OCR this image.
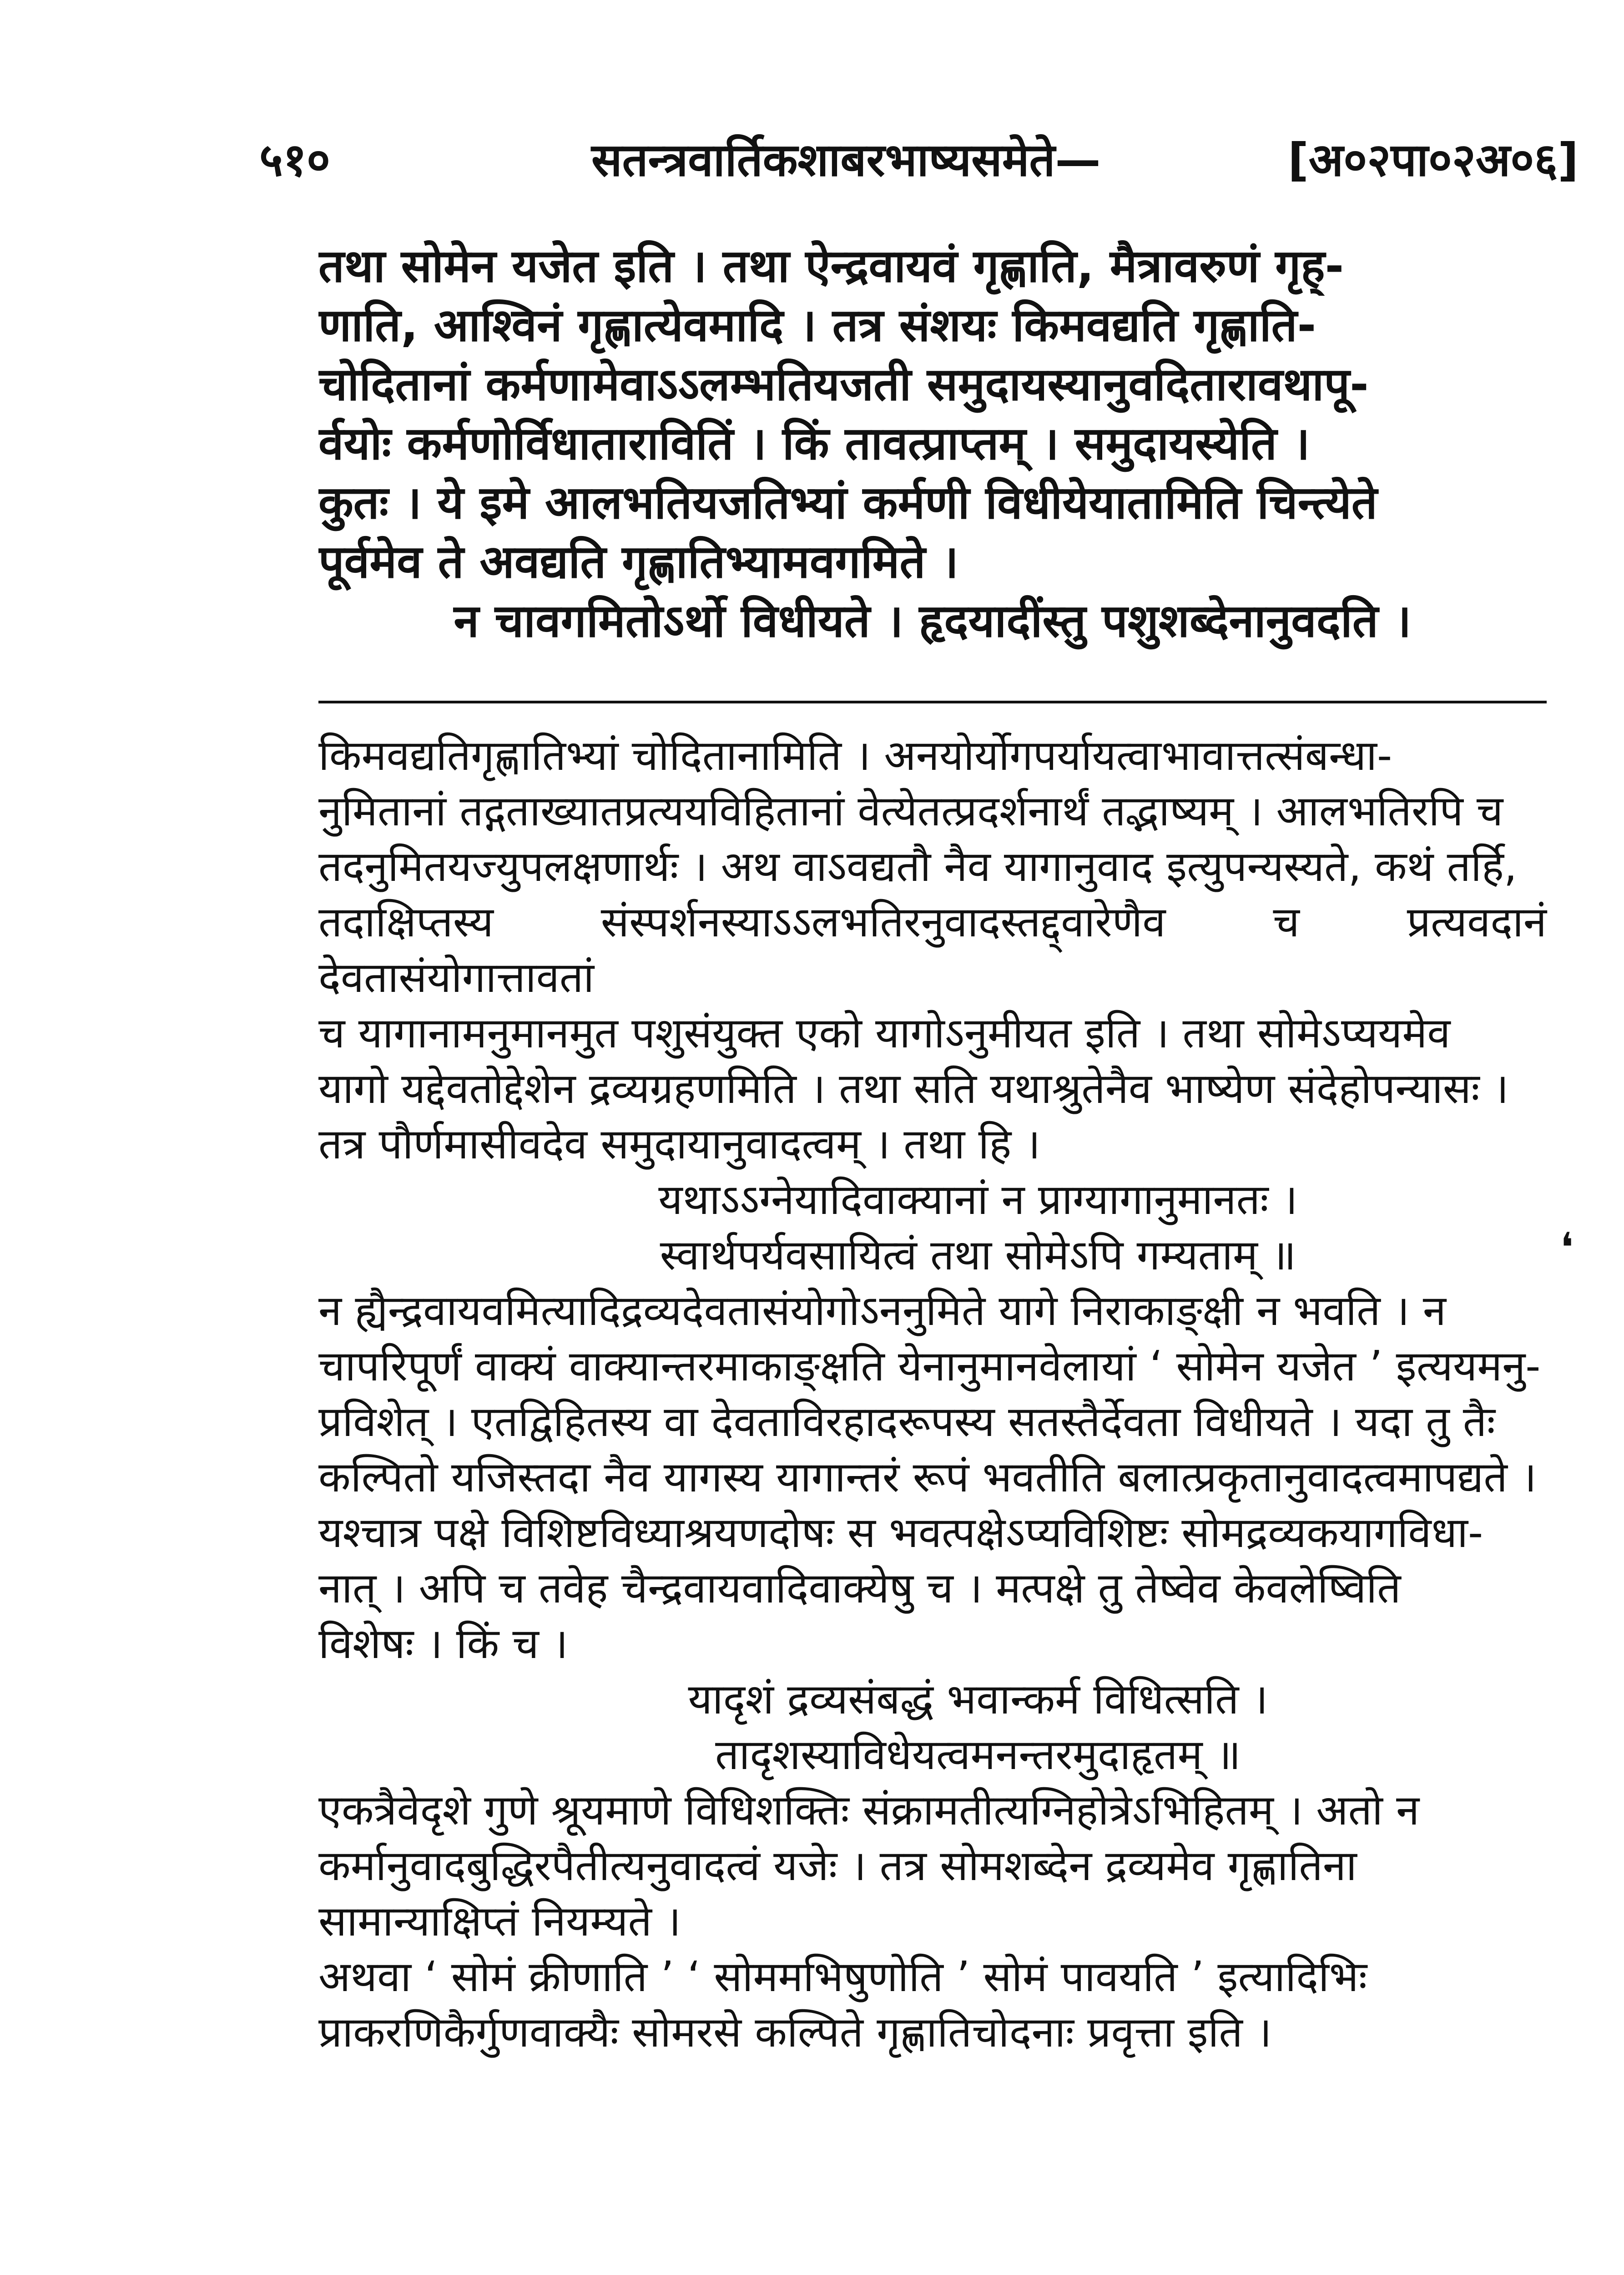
५१०	सतन्त्रवार्तिकशाबरभाष्यसमेते—	[अ०२पा०२अ०६]

तथा सोमेन यजेत इति । तथा ऐन्द्रवायवं गृह्णाति, मैत्रावरुणं गृह्-
णाति, आश्विनं गृह्णात्येवमादि । तत्र संशयः किमवद्यति गृह्णाति-
चोदितानां कर्मणामेवाऽऽलम्भतियजती समुदायस्यानुवदितारावथापू-
र्वयोः कर्मणोर्विधातारावितिं । किं तावत्प्राप्तम् । समुदायस्येति ।
कुतः । ये इमे आलभतियजतिभ्यां कर्मणी विधीयेयातामिति चिन्त्येते
पूर्वमेव ते अवद्यति गृह्णातिभ्यामवगमिते ।
न चावगमितोऽर्थो विधीयते । हृदयादींस्तु पशुशब्देनानुवदति ।

किमवद्यतिगृह्णातिभ्यां चोदितानामिति । अनयोर्योगपर्यायत्वाभावात्तत्संबन्धा-
नुमितानां तद्गताख्यातप्रत्ययविहितानां वेत्येतत्प्रदर्शनार्थं तद्भाष्यम् । आलभतिरपि च
तदनुमितयज्युपलक्षणार्थः । अथ वाऽवद्यतौ नैव यागानुवाद इत्युपन्यस्यते, कथं तर्हि,
तदाक्षिप्तस्य संस्पर्शनस्याऽऽलभतिरनुवादस्तद्द्वारेणैव च प्रत्यवदानं देवतासंयोगात्तावतां
च यागानामनुमानमुत पशुसंयुक्त एको यागोऽनुमीयत इति । तथा सोमेऽप्ययमेव
यागो यद्देवतोद्देशेन द्रव्यग्रहणमिति । तथा सति यथाश्रुतेनैव भाष्येण संदेहोपन्यासः ।
तत्र पौर्णमासीवदेव समुदायानुवादत्वम् । तथा हि ।

यथाऽऽग्नेयादिवाक्यानां न प्राग्यागानुमानतः ।
स्वार्थपर्यवसायित्वं तथा सोमेऽपि गम्यताम् ॥

न ह्यैन्द्रवायवमित्यादिद्रव्यदेवतासंयोगोऽननुमिते यागे निराकाङ्क्षी न भवति । न
चापरिपूर्णं वाक्यं वाक्यान्तरमाकाङ्क्षति येनानुमानवेलायां ‘ सोमेन यजेत ’ इत्ययमनु-
प्रविशेत् । एतद्विहितस्य वा देवताविरहादरूपस्य सतस्तैर्देवता विधीयते । यदा तु तैः
कल्पितो यजिस्तदा नैव यागस्य यागान्तरं रूपं भवतीति बलात्प्रकृतानुवादत्वमापद्यते ।
यश्चात्र पक्षे विशिष्टविध्याश्रयणदोषः स भवत्पक्षेऽप्यविशिष्टः सोमद्रव्यकयागविधा-
नात् । अपि च तवेह चैन्द्रवायवादिवाक्येषु च । मत्पक्षे तु तेष्वेव केवलेष्विति
विशेषः । किं च ।

यादृशं द्रव्यसंबद्धं भवान्कर्म विधित्सति ।
तादृशस्याविधेयत्वमनन्तरमुदाहृतम् ॥

एकत्रैवेदृशे गुणे श्रूयमाणे विधिशक्तिः संक्रामतीत्यग्निहोत्रेऽभिहितम् । अतो न
कर्मानुवादबुद्धिरपैतीत्यनुवादत्वं यजेः । तत्र सोमशब्देन द्रव्यमेव गृह्णातिना
सामान्याक्षिप्तं नियम्यते ।
अथवा ‘ सोमं क्रीणाति ’ ‘ सोममभिषुणोति ’ सोमं पावयति ’ इत्यादिभिः
प्राकरणिकैर्गुणवाक्यैः सोमरसे कल्पिते गृह्णातिचोदनाः प्रवृत्ता इति ।

❛
